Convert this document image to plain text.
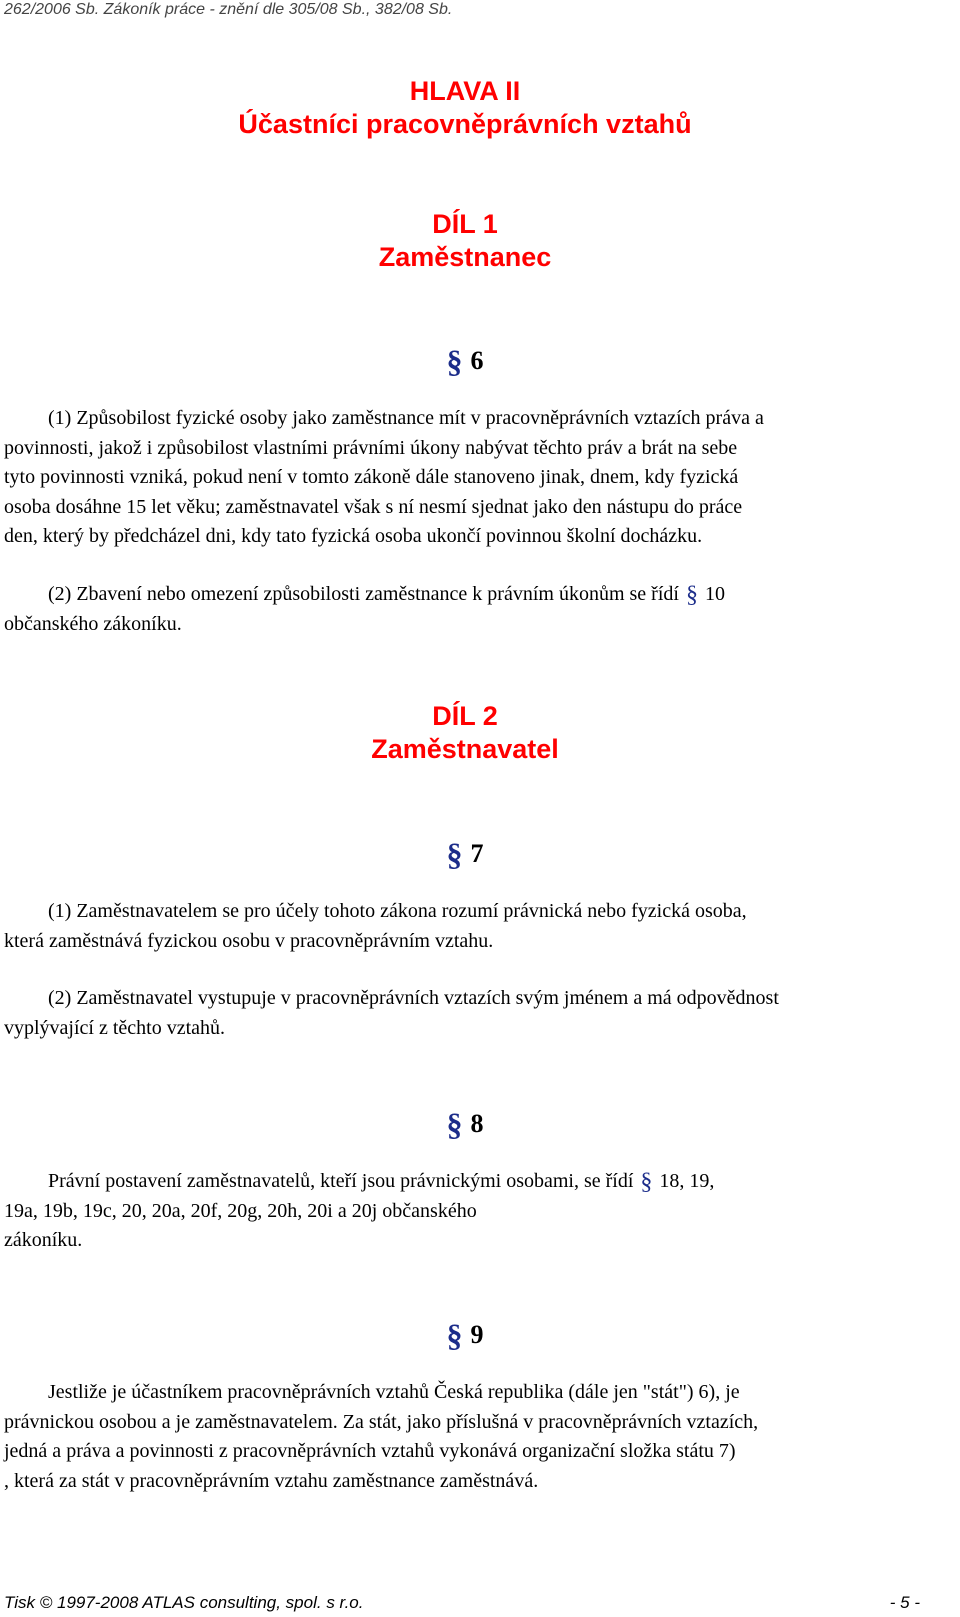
262/2006 Sb. Zákoník práce - znění dle 305/08 Sb., 382/08 Sb.
HLAVA II
Účastníci pracovněprávních vztahů
DÍL 1
Zaměstnanec
§ 6
(1) Způsobilost fyzické osoby jako zaměstnance mít v pracovněprávních vztazích práva a
povinnosti, jakož i způsobilost vlastními právními úkony nabývat těchto práv a brát na sebe
tyto povinnosti vzniká, pokud není v tomto zákoně dále stanoveno jinak, dnem, kdy fyzická
osoba dosáhne 15 let věku; zaměstnavatel však s ní nesmí sjednat jako den nástupu do práce
den, který by předcházel dni, kdy tato fyzická osoba ukončí povinnou školní docházku.
(2) Zbavení nebo omezení způsobilosti zaměstnance k právním úkonům se řídí § 10
občanského zákoníku.
DÍL 2
Zaměstnavatel
§ 7
(1) Zaměstnavatelem se pro účely tohoto zákona rozumí právnická nebo fyzická osoba,
která zaměstnává fyzickou osobu v pracovněprávním vztahu.
(2) Zaměstnavatel vystupuje v pracovněprávních vztazích svým jménem a má odpovědnost
vyplývající z těchto vztahů.
§ 8
Právní postavení zaměstnavatelů, kteří jsou právnickými osobami, se řídí § 18, 19,
19a, 19b, 19c, 20, 20a, 20f, 20g, 20h, 20i a 20j občanského
zákoníku.
§ 9
Jestliže je účastníkem pracovněprávních vztahů Česká republika (dále jen "stát") 6), je
právnickou osobou a je zaměstnavatelem. Za stát, jako příslušná v pracovněprávních vztazích,
jedná a práva a povinnosti z pracovněprávních vztahů vykonává organizační složka státu 7)
, která za stát v pracovněprávním vztahu zaměstnance zaměstnává.
Tisk © 1997-2008 ATLAS consulting, spol. s r.o.	- 5 -
